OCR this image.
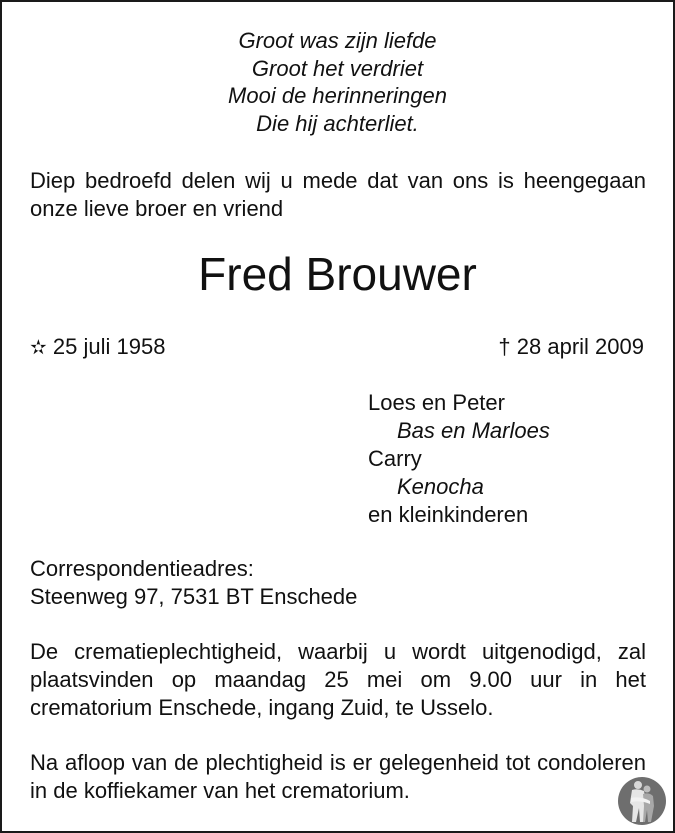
Groot was zijn liefde
Groot het verdriet
Mooi de herinneringen
Die hij achterliet.
Diep bedroefd delen wij u mede dat van ons is heengegaan onze lieve broer en vriend
Fred Brouwer
✫ 25 juli 1958	† 28 april 2009
Loes en Peter
Bas en Marloes
Carry
Kenocha
en kleinkinderen
Correspondentieadres:
Steenweg 97, 7531 BT Enschede
De crematieplechtigheid, waarbij u wordt uitgenodigd, zal plaatsvinden op maandag 25 mei om 9.00 uur in het crematorium Enschede, ingang Zuid, te Usselo.
Na afloop van de plechtigheid is er gelegenheid tot condoleren in de koffiekamer van het crematorium.
